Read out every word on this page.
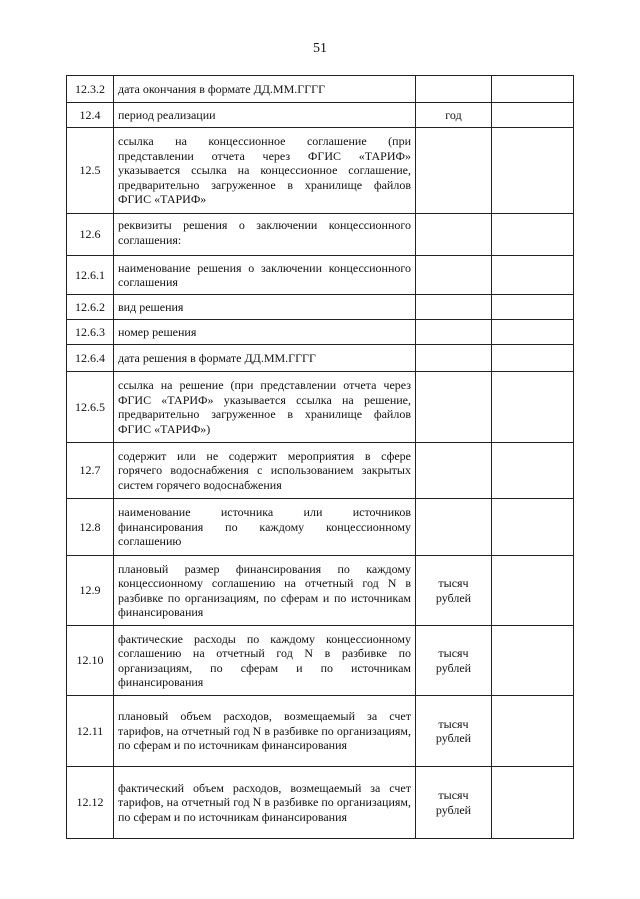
51
12.3.2	дата окончания в формате ДД.ММ.ГГГГ		
12.4	период реализации	год	
12.5	ссылка на концессионное соглашение (при представлении отчета через ФГИС «ТАРИФ» указывается ссылка на концессионное соглашение, предварительно загруженное в хранилище файлов ФГИС «ТАРИФ»		
12.6	реквизиты решения о заключении концессионного соглашения:		
12.6.1	наименование решения о заключении концессионного соглашения		
12.6.2	вид решения		
12.6.3	номер решения		
12.6.4	дата решения в формате ДД.ММ.ГГГГ		
12.6.5	ссылка на решение (при представлении отчета через ФГИС «ТАРИФ» указывается ссылка на решение, предварительно загруженное в хранилище файлов ФГИС «ТАРИФ»)		
12.7	содержит или не содержит мероприятия в сфере горячего водоснабжения с использованием закрытых систем горячего водоснабжения		
12.8	наименование источника или источников финансирования по каждому концессионному соглашению		
12.9	плановый размер финансирования по каждому концессионному соглашению на отчетный год N в разбивке по организациям, по сферам и по источникам финансирования	тысяч рублей	
12.10	фактические расходы по каждому концессионному соглашению на отчетный год N в разбивке по организациям, по сферам и по источникам финансирования	тысяч рублей	
12.11	плановый объем расходов, возмещаемый за счет тарифов, на отчетный год N в разбивке по организациям, по сферам и по источникам финансирования	тысяч рублей	
12.12	фактический объем расходов, возмещаемый за счет тарифов, на отчетный год N в разбивке по организациям, по сферам и по источникам финансирования	тысяч рублей	
